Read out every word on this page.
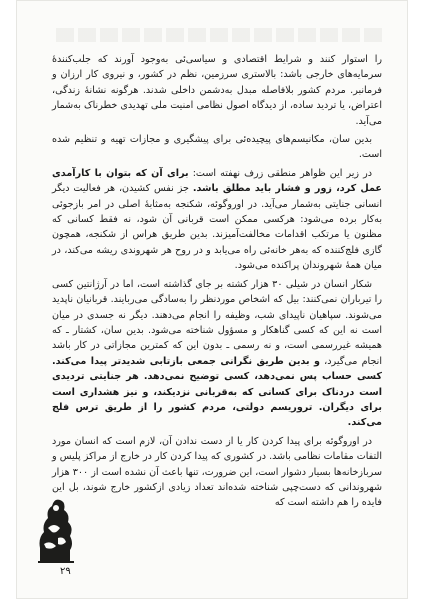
را استوار کنند و شرایط اقتصادی و سیاسی‌ئی به‌وجود آورند که جلب‌کنندهٔ سرمایه‌های خارجی باشد: بالاستری سرزمین، نظم در کشور، و نیروی کار ارزان و فرمانبر. مردم کشور بلافاصله مبدل به‌دشمن داخلی شدند. هرگونه نشانهٔ زندگی، اعتراض، یا تردید ساده، از دیدگاه اصول نظامی امنیت ملی تهدیدی خطرناک به‌شمار می‌آید.

بدین سان، مکانیسم‌های پیچیده‌ئی برای پیشگیری و مجازات تهیه و تنظیم شده است.

در زیر این ظواهر منطقی زرف نهفته است: برای آن که بتوان با کارآمدی عمل کرد، زور و فشار باید مطلق باشد. جز نفس کشیدن، هر فعالیت دیگر انسانی جنایتی به‌شمار می‌آید. در اوروگوئه، شکنجه به‌مثابهٔ اصلی در امر بازجوئی به‌کار برده می‌شود: هرکسی ممکن است قربانی آن شود، نه فقط کسانی که مظنون یا مرتکب اقدامات مخالفت‌آمیزند. بدین طریق هراس از شکنجه، همچون گازی فلج‌کننده که به‌هر خانه‌ئی راه می‌یابد و در روح هر شهروندی ریشه می‌کند، در میان همهٔ شهروندان پراکنده می‌شود.

شکار انسان در شیلی ۳۰ هزار کشته بر جای گذاشته است، اما در آرژانتین کسی را تیرباران نمی‌کنند: بیل که اشخاص موردنظر را به‌سادگی می‌ربایند. قربانیان ناپدید می‌شوند. سپاهیان ناپیدای شب، وظیفه را انجام می‌دهند. دیگر نه جسدی در میان است نه این که کسی گناهکار و مسؤول شناخته می‌شود. بدین سان، کشتار ـ که همیشه غیررسمی است، و نه رسمی ـ بدون این که کمترین مجازاتی در کار باشد انجام می‌گیرد، و بدین طریق نگرانی جمعی بازتابی شدیدتر پیدا می‌کند. کسی حساب پس نمی‌دهد، کسی توضیح نمی‌دهد. هر جنایتی تردیدی است دردناک برای کسانی که به‌قربانی نزدیکند، و نیز هشداری است برای دیگران. تروریسم دولتی، مردم کشور را از طریق ترس فلج می‌کند.

در اوروگوئه برای پیدا کردن کار یا از دست ندادن آن، لازم است که انسان مورد التفات مقامات نظامی باشد. در کشوری که پیدا کردن کار در خارج از مراکز پلیس و سربازخانه‌ها بسیار دشوار است، این ضرورت، تنها باعث آن نشده است از ۳۰۰ هزار شهروندانی که دست‌چپی شناخته شده‌اند تعداد زیادی ازکشور خارج شوند، بل این فایده را هم داشته است که

۲۹
